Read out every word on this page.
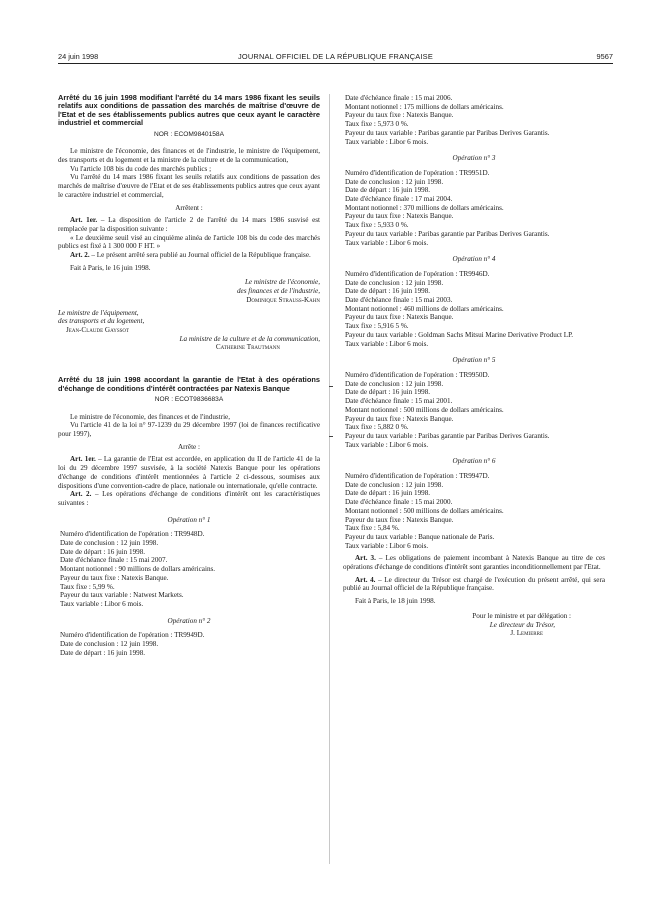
24 juin 1998	JOURNAL OFFICIEL DE LA RÉPUBLIQUE FRANÇAISE	9567
Arrêté du 16 juin 1998 modifiant l'arrêté du 14 mars 1986 fixant les seuils relatifs aux conditions de passation des marchés de maîtrise d'œuvre de l'Etat et de ses établissements publics autres que ceux ayant le caractère industriel et commercial
NOR : ECOM9840158A

Le ministre de l'économie, des finances et de l'industrie, le ministre de l'équipement, des transports et du logement et la ministre de la culture et de la communication,

Vu l'article 108 bis du code des marchés publics ;

Vu l'arrêté du 14 mars 1986 fixant les seuils relatifs aux conditions de passation des marchés de maîtrise d'œuvre de l'Etat et de ses établissements publics autres que ceux ayant le caractère industriel et commercial,

Arrêtent :

Art. 1er. – La disposition de l'article 2 de l'arrêté du 14 mars 1986 susvisé est remplacée par la disposition suivante :

« Le deuxième seuil visé au cinquième alinéa de l'article 108 bis du code des marchés publics est fixé à 1 300 000 F HT. »

Art. 2. – Le présent arrêté sera publié au Journal officiel de la République française.

Fait à Paris, le 16 juin 1998.

Le ministre de l'économie,

des finances et de l'industrie,

Dominique Strauss-Kahn

Le ministre de l'équipement,

des transports et du logement,

Jean-Claude Gayssot

La ministre de la culture et de la communication,

Catherine Trautmann

Arrêté du 18 juin 1998 accordant la garantie de l'Etat à des opérations d'échange de conditions d'intérêt contractées par Natexis Banque
NOR : ECOT9836683A

Le ministre de l'économie, des finances et de l'industrie,

Vu l'article 41 de la loi n° 97-1239 du 29 décembre 1997 (loi de finances rectificative pour 1997),

Arrête :

Art. 1er. – La garantie de l'Etat est accordée, en application du II de l'article 41 de la loi du 29 décembre 1997 susvisée, à la société Natexis Banque pour les opérations d'échange de conditions d'intérêt mentionnées à l'article 2 ci-dessous, soumises aux dispositions d'une convention-cadre de place, nationale ou internationale, qu'elle contracte.

Art. 2. – Les opérations d'échange de conditions d'intérêt ont les caractéristiques suivantes :

Opération n° 1

Numéro d'identification de l'opération : TR9948D.

Date de conclusion : 12 juin 1998.

Date de départ : 16 juin 1998.

Date d'échéance finale : 15 mai 2007.

Montant notionnel : 90 millions de dollars américains.

Payeur du taux fixe : Natexis Banque.

Taux fixe : 5,99 %.

Payeur du taux variable : Natwest Markets.

Taux variable : Libor 6 mois.

Opération n° 2

Numéro d'identification de l'opération : TR9949D.

Date de conclusion : 12 juin 1998.

Date de départ : 16 juin 1998.

Date d'échéance finale : 15 mai 2006.

Montant notionnel : 175 millions de dollars américains.

Payeur du taux fixe : Natexis Banque.

Taux fixe : 5,973 0 %.

Payeur du taux variable : Paribas garantie par Paribas Derives Garantis.

Taux variable : Libor 6 mois.

Opération n° 3

Numéro d'identification de l'opération : TR9951D.

Date de conclusion : 12 juin 1998.

Date de départ : 16 juin 1998.

Date d'échéance finale : 17 mai 2004.

Montant notionnel : 370 millions de dollars américains.

Payeur du taux fixe : Natexis Banque.

Taux fixe : 5,933 0 %.

Payeur du taux variable : Paribas garantie par Paribas Derives Garantis.

Taux variable : Libor 6 mois.

Opération n° 4

Numéro d'identification de l'opération : TR9946D.

Date de conclusion : 12 juin 1998.

Date de départ : 16 juin 1998.

Date d'échéance finale : 15 mai 2003.

Montant notionnel : 460 millions de dollars américains.

Payeur du taux fixe : Natexis Banque.

Taux fixe : 5,916 5 %.

Payeur du taux variable : Goldman Sachs Mitsui Marine Derivative Product LP.

Taux variable : Libor 6 mois.

Opération n° 5

Numéro d'identification de l'opération : TR9950D.

Date de conclusion : 12 juin 1998.

Date de départ : 16 juin 1998.

Date d'échéance finale : 15 mai 2001.

Montant notionnel : 500 millions de dollars américains.

Payeur du taux fixe : Natexis Banque.

Taux fixe : 5,882 0 %.

Payeur du taux variable : Paribas garantie par Paribas Derives Garantis.

Taux variable : Libor 6 mois.

Opération n° 6

Numéro d'identification de l'opération : TR9947D.

Date de conclusion : 12 juin 1998.

Date de départ : 16 juin 1998.

Date d'échéance finale : 15 mai 2000.

Montant notionnel : 500 millions de dollars américains.

Payeur du taux fixe : Natexis Banque.

Taux fixe : 5,84 %.

Payeur du taux variable : Banque nationale de Paris.

Taux variable : Libor 6 mois.

Art. 3. – Les obligations de paiement incombant à Natexis Banque au titre de ces opérations d'échange de conditions d'intérêt sont garanties inconditionnellement par l'Etat.

Art. 4. – Le directeur du Trésor est chargé de l'exécution du présent arrêté, qui sera publié au Journal officiel de la République française.

Fait à Paris, le 18 juin 1998.

Pour le ministre et par délégation :

Le directeur du Trésor,

J. Lemierre
